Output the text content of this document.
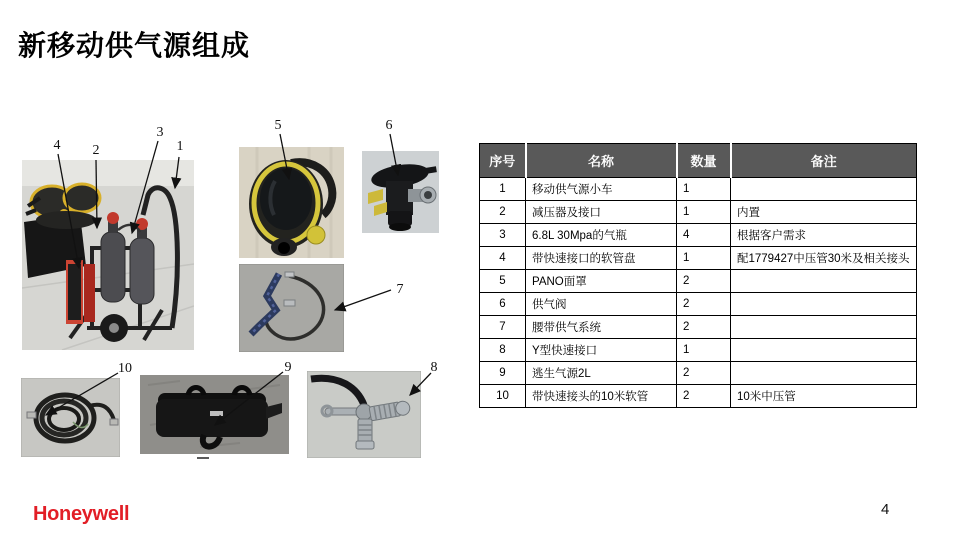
新移动供气源组成
1
2
3
4
5	6
7
8
9
10
序号	名称	数量	备注
1	移动供气源小车	1	
2	减压器及接口	1	内置
3	6.8L 30Mpa的气瓶	4	根据客户需求
4	带快速接口的软管盘	1	配1779427中压管30米及相关接头
5	PANO面罩	2	
6	供气阀	2	
7	腰带供气系统	2	
8	Y型快速接口	1	
9	逃生气源2L	2	
10	带快速接头的10米软管	2	10米中压管
Honeywell	4
